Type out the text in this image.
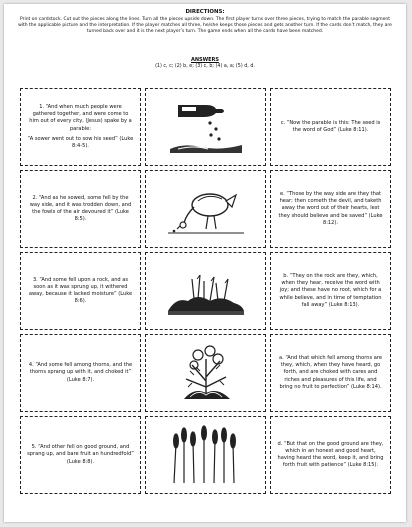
DIRECTIONS:
Print on cardstock. Cut out the pieces along the lines. Turn all the pieces upside down. The first player turns over three pieces, trying to match the parable segment with the applicable picture and the interpretation. If the player matches all three, he/she keeps those pieces and gets another turn. If the cards don’t match, they are turned back over and it is the next player’s turn. The game ends when all the cards have been matched.
ANSWERS
(1) c, c; (2) b, e; (3) c, b; (4) a, a; (5) d, d.

1. “And when much people were gathered together, and were come to him out of every city, (Jesus) spake by a parable:

“A sower went out to sow his seed” (Luke 8:4-5).

c. “Now the parable is this: The seed is the word of God” (Luke 8:11).

2. “And as he sowed, some fell by the way side, and it was trodden down, and the fowls of the air devoured it” (Luke 8:5).

e. “Those by the way side are they that hear; then cometh the devil, and taketh away the word out of their hearts, lest they should believe and be saved” (Luke 8:12).

3. “And some fell upon a rock, and as soon as it was sprung up, it withered away, because it lacked moisture” (Luke 8:6).

b. “They on the rock are they, which, when they hear, receive the word with joy; and these have no root, which for a while believe, and in time of temptation fall away” (Luke 8:13).

4. “And some fell among thorns, and the thorns sprang up with it, and choked it” (Luke 8:7).

a. “And that which fell among thorns are they, which, when they have heard, go forth, and are choked with cares and riches and pleasures of this life, and bring no fruit to perfection” (Luke 8:14).

5. “And other fell on good ground, and sprang up, and bare fruit an hundredfold” (Luke 8:8).

d. “But that on the good ground are they, which in an honest and good heart, having heard the word, keep it, and bring forth fruit with patience” (Luke 8:15).
